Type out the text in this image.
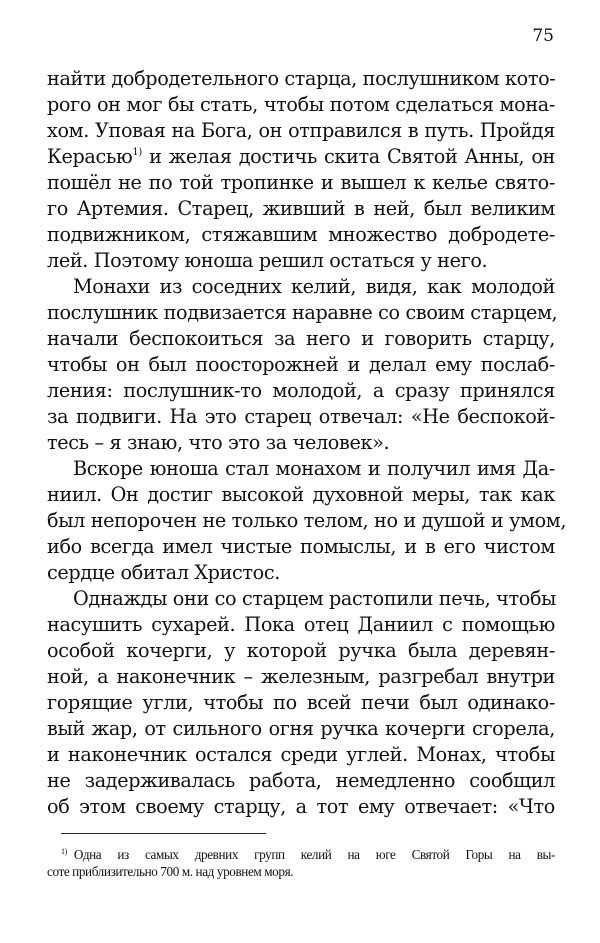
75
найти добродетельного старца, послушником кото-
рого он мог бы стать, чтобы потом сделаться мона-
хом. Уповая на Бога, он отправился в путь. Пройдя
Керасью$^{1)}$ и желая достичь скита Святой Анны, он
пошёл не по той тропинке и вышел к келье свято-
го Артемия. Старец, живший в ней, был великим
подвижником, стяжавшим множество добродете-
лей. Поэтому юноша решил остаться у него.
Монахи из соседних келий, видя, как молодой
послушник подвизается наравне со своим старцем,
начали беспокоиться за него и говорить старцу,
чтобы он был поосторожней и делал ему послаб-
ления: послушник-то молодой, а сразу принялся
за подвиги. На это старец отвечал: «Не беспокой-
тесь – я знаю, что это за человек».
Вскоре юноша стал монахом и получил имя Да-
ниил. Он достиг высокой духовной меры, так как
был непорочен не только телом, но и душой и умом,
ибо всегда имел чистые помыслы, и в его чистом
сердце обитал Христос.
Однажды они со старцем растопили печь, чтобы
насушить сухарей. Пока отец Даниил с помощью
особой кочерги, у которой ручка была деревян-
ной, а наконечник – железным, разгребал внутри
горящие угли, чтобы по всей печи был одинако-
вый жар, от сильного огня ручка кочерги сгорела,
и наконечник остался среди углей. Монах, чтобы
не задерживалась работа, немедленно сообщил
об этом своему старцу, а тот ему отвечает: «Что
$^{1)}$ Одна из самых древних групп келий на юге Святой Горы на вы-
соте приблизительно 700 м. над уровнем моря.
